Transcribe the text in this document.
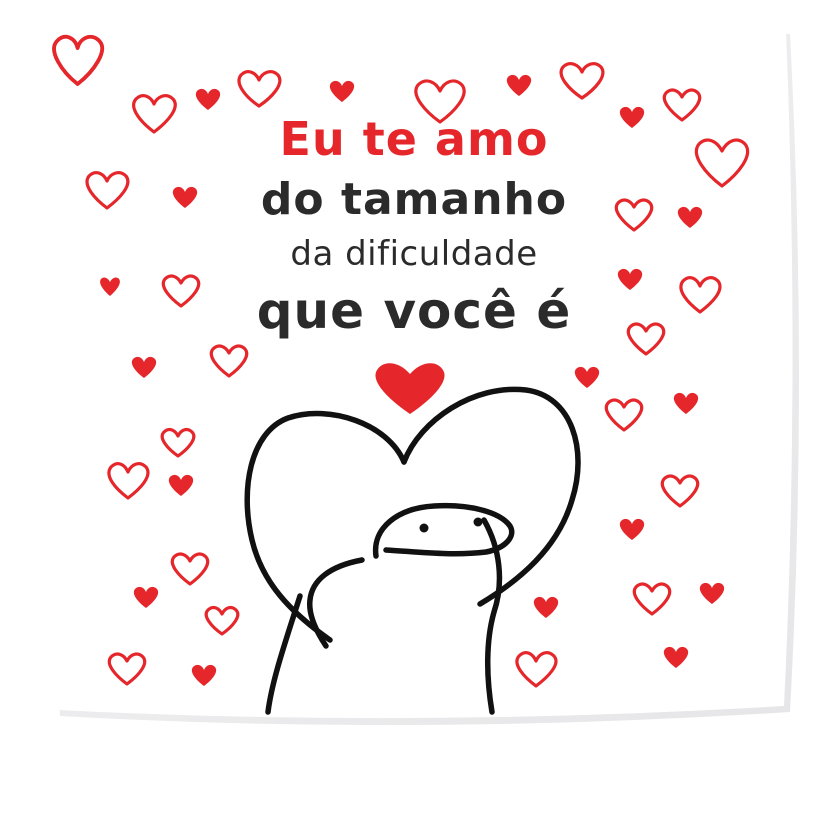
Eu te amo
do tamanho
da dificuldade
que você é
